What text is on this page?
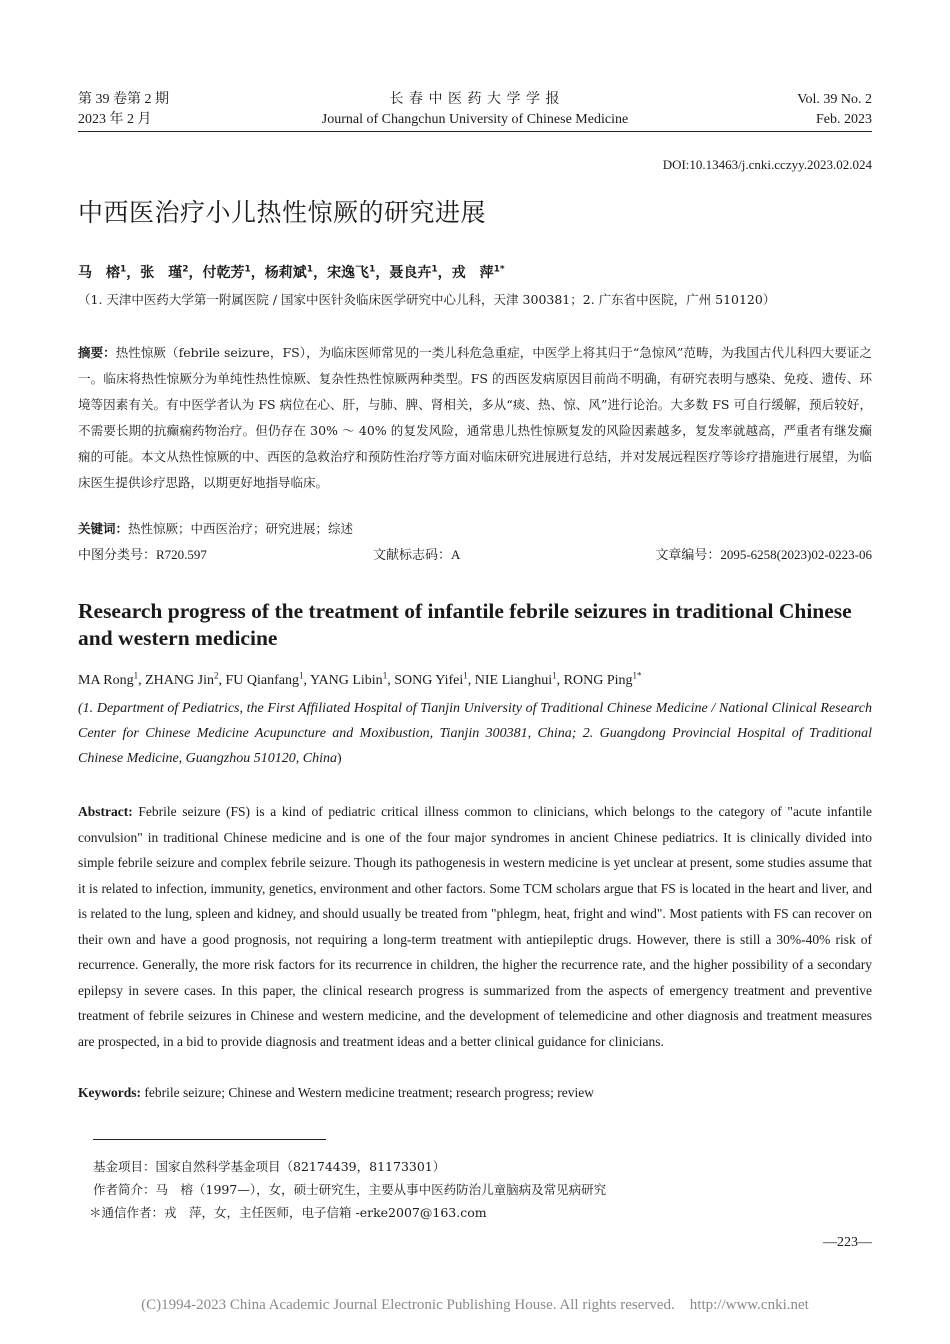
第 39 卷第 2 期
2023 年 2 月
长 春 中 医 药 大 学 学 报
Journal of Changchun University of Chinese Medicine
Vol. 39 No. 2
Feb. 2023
DOI:10.13463/j.cnki.cczyy.2023.02.024
中西医治疗小儿热性惊厥的研究进展
马　榕$^1$，张　瑾$^2$，付乾芳$^1$，杨莉斌$^1$，宋逸飞$^1$，聂良卉$^1$，戎　萍$^{1*}$
（1. 天津中医药大学第一附属医院 / 国家中医针灸临床医学研究中心儿科，天津 300381；2. 广东省中医院，广州 510120）
摘要：热性惊厥（febrile seizure，FS），为临床医师常见的一类儿科危急重症，中医学上将其归于“急惊风”范畴，为我国古代儿科四大要证之一。临床将热性惊厥分为单纯性热性惊厥、复杂性热性惊厥两种类型。FS 的西医发病原因目前尚不明确，有研究表明与感染、免疫、遗传、环境等因素有关。有中医学者认为 FS 病位在心、肝，与肺、脾、肾相关，多从“痰、热、惊、风”进行论治。大多数 FS 可自行缓解，预后较好，不需要长期的抗癫痫药物治疗。但仍存在 30% ～ 40% 的复发风险，通常患儿热性惊厥复发的风险因素越多，复发率就越高，严重者有继发癫痫的可能。本文从热性惊厥的中、西医的急救治疗和预防性治疗等方面对临床研究进展进行总结，并对发展远程医疗等诊疗措施进行展望，为临床医生提供诊疗思路，以期更好地指导临床。
关键词：热性惊厥；中西医治疗；研究进展；综述
中图分类号：R720.597	文献标志码：A	文章编号：2095-6258(2023)02-0223-06
Research progress of the treatment of infantile febrile seizures in traditional Chinese and western medicine
MA Rong$^1$, ZHANG Jin$^2$, FU Qianfang$^1$, YANG Libin$^1$, SONG Yifei$^1$, NIE Lianghui$^1$, RONG Ping$^{1*}$
(1. Department of Pediatrics, the First Affiliated Hospital of Tianjin University of Traditional Chinese Medicine / National Clinical Research Center for Chinese Medicine Acupuncture and Moxibustion, Tianjin 300381, China; 2. Guangdong Provincial Hospital of Traditional Chinese Medicine, Guangzhou 510120, China)
Abstract: Febrile seizure (FS) is a kind of pediatric critical illness common to clinicians, which belongs to the category of "acute infantile convulsion" in traditional Chinese medicine and is one of the four major syndromes in ancient Chinese pediatrics. It is clinically divided into simple febrile seizure and complex febrile seizure. Though its pathogenesis in western medicine is yet unclear at present, some studies assume that it is related to infection, immunity, genetics, environment and other factors. Some TCM scholars argue that FS is located in the heart and liver, and is related to the lung, spleen and kidney, and should usually be treated from "phlegm, heat, fright and wind". Most patients with FS can recover on their own and have a good prognosis, not requiring a long-term treatment with antiepileptic drugs. However, there is still a 30%-40% risk of recurrence. Generally, the more risk factors for its recurrence in children, the higher the recurrence rate, and the higher possibility of a secondary epilepsy in severe cases. In this paper, the clinical research progress is summarized from the aspects of emergency treatment and preventive treatment of febrile seizures in Chinese and western medicine, and the development of telemedicine and other diagnosis and treatment measures are prospected, in a bid to provide diagnosis and treatment ideas and a better clinical guidance for clinicians.
Keywords: febrile seizure; Chinese and Western medicine treatment; research progress; review
基金项目：国家自然科学基金项目（82174439，81173301）
作者简介：马　榕（1997—），女，硕士研究生，主要从事中医药防治儿童脑病及常见病研究
＊通信作者：戎　萍，女，主任医师，电子信箱 -erke2007@163.com
—223—
(C)1994-2023 China Academic Journal Electronic Publishing House. All rights reserved.    http://www.cnki.net
